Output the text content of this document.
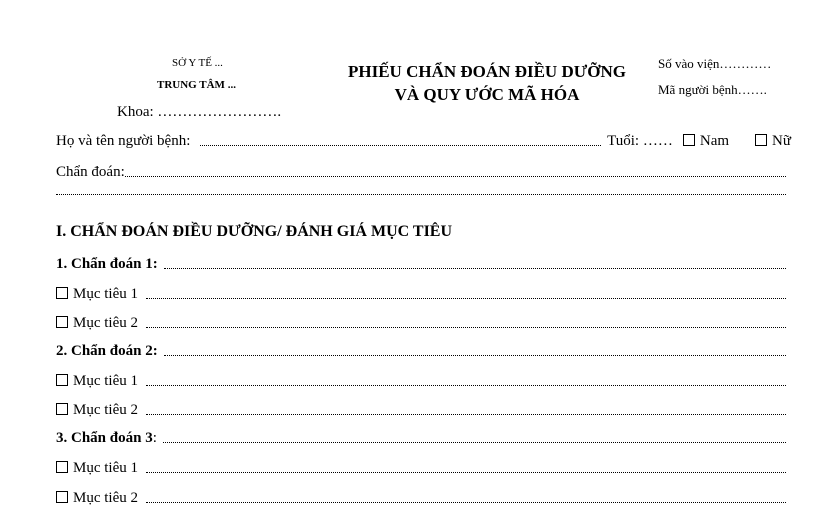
SỞ Y TẾ ...
TRUNG TÂM ...
Khoa: …………………….
PHIẾU CHẨN ĐOÁN ĐIỀU DƯỠNG
VÀ QUY ƯỚC MÃ HÓA
Số vào viện…………
Mã người bệnh…….
Họ và tên người bệnh:	Tuổi: …… Nam	Nữ
Chẩn đoán:
I. CHẨN ĐOÁN ĐIỀU DƯỠNG/ ĐÁNH GIÁ MỤC TIÊU
1. Chẩn đoán 1:
Mục tiêu 1
Mục tiêu 2
2. Chẩn đoán 2:
Mục tiêu 1
Mục tiêu 2
3. Chẩn đoán 3 :
Mục tiêu 1
Mục tiêu 2
